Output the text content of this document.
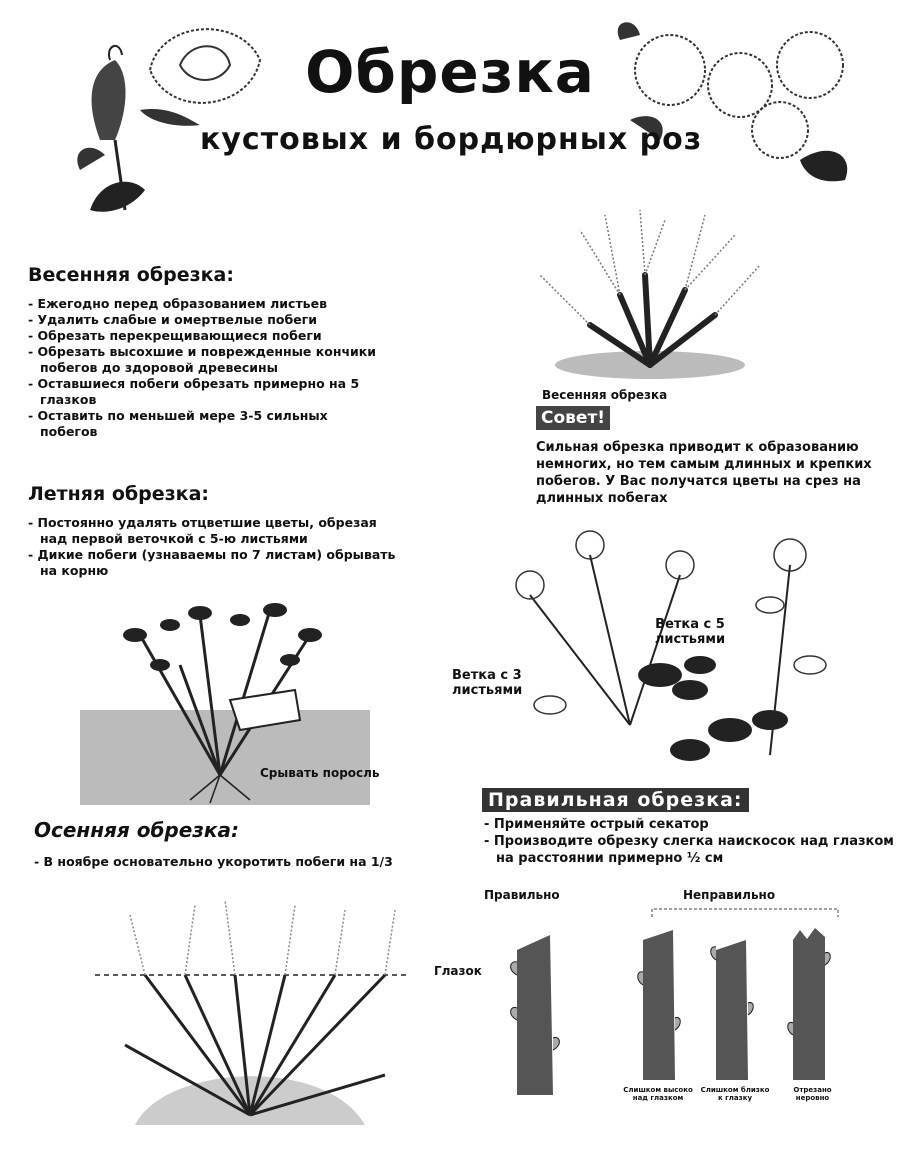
Обрезка
кустовых и бордюрных роз
Весенняя обрезка:
- Ежегодно перед образованием листьев
- Удалить слабые и омертвелые побеги
- Обрезать перекрещивающиеся побеги
- Обрезать высохшие и поврежденные кончики побегов до здоровой древесины
- Оставшиеся побеги обрезать примерно на 5 глазков
- Оставить по меньшей мере 3-5 сильных побегов
Весенняя обрезка
Совет!
Сильная обрезка приводит к образованию немногих, но тем самым длинных и крепких побегов. У Вас получатся цветы на срез на длинных побегах
Летняя обрезка:
- Постоянно удалять отцветшие цветы, обрезая над первой веточкой с 5-ю листьями
- Дикие побеги (узнаваемы по 7 листам) обрывать на корню
Срывать поросль
Ветка с 5 листьями
Ветка с 3 листьями
Осенняя обрезка:
- В ноябре основательно укоротить побеги на 1/3
Правильная обрезка:
- Применяйте острый секатор
- Производите обрезку слегка наискосок над глазком на расстоянии примерно ½ см
Правильно	Неправильно
Глазок
Слишком высоко над глазком
Слишком близко к глазку
Отрезано неровно
